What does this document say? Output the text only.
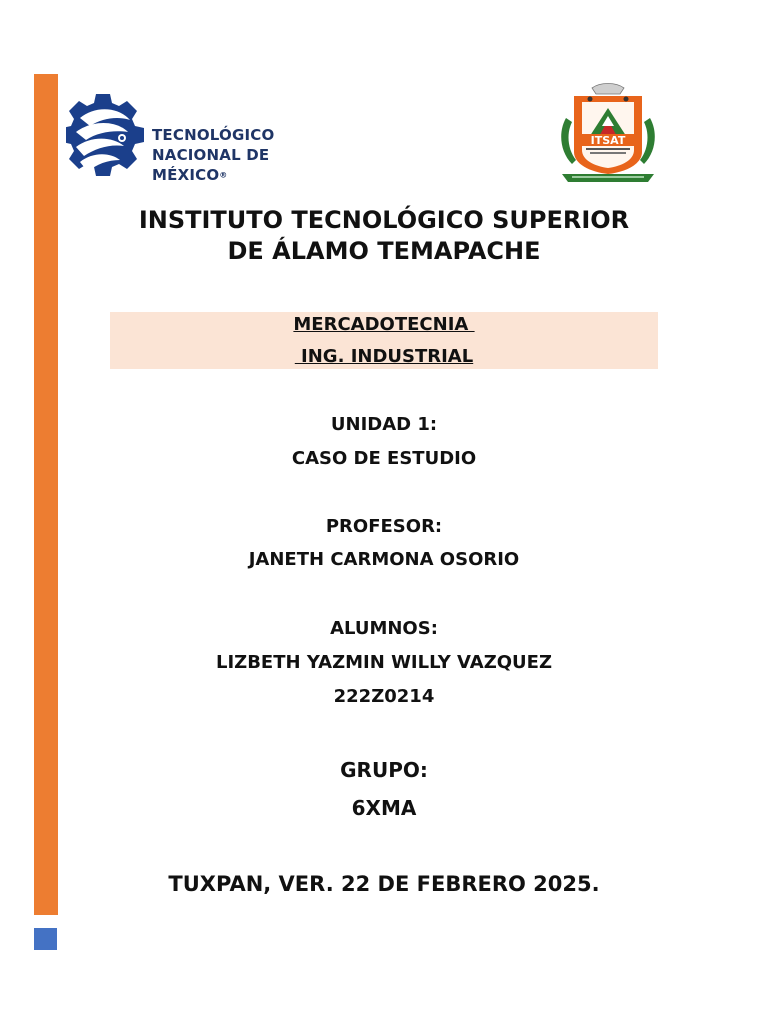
TECNOLÓGICO
NACIONAL DE MÉXICO®
ITSAT
INSTITUTO TECNOLÓGICO SUPERIOR
DE ÁLAMO TEMAPACHE
MERCADOTECNIA
ING. INDUSTRIAL
UNIDAD 1:
CASO DE ESTUDIO
PROFESOR:
JANETH CARMONA OSORIO
ALUMNOS:
LIZBETH YAZMIN WILLY VAZQUEZ
222Z0214
GRUPO:
6XMA
TUXPAN, VER. 22 DE FEBRERO 2025.
